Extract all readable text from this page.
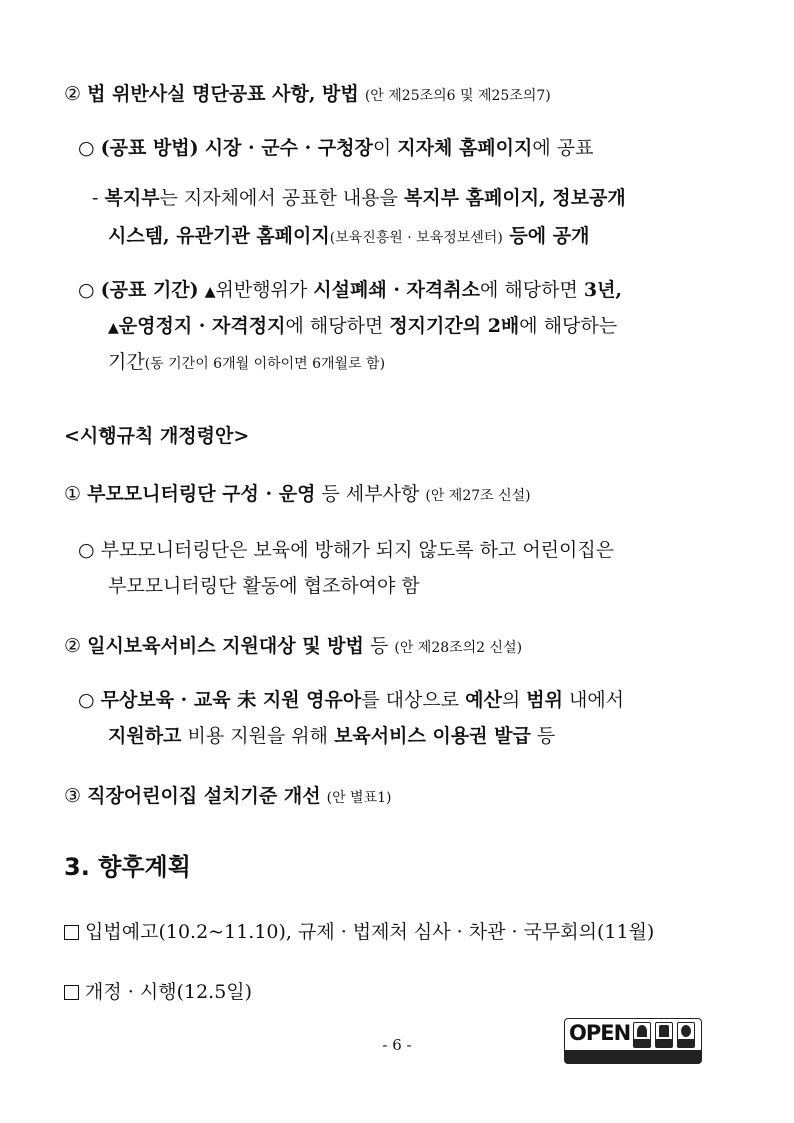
② 법 위반사실 명단공표 사항, 방법 (안 제25조의6 및 제25조의7)
○ (공표 방법) 시장 · 군수 · 구청장이 지자체 홈페이지에 공표
- 복지부는 지자체에서 공표한 내용을 복지부 홈페이지, 정보공개
시스템, 유관기관 홈페이지(보육진흥원 · 보육정보센터) 등에 공개
○ (공표 기간) ▲위반행위가 시설폐쇄 · 자격취소에 해당하면 3년,
▲운영정지 · 자격정지에 해당하면 정지기간의 2배에 해당하는
기간(동 기간이 6개월 이하이면 6개월로 함)
<시행규칙 개정령안>
① 부모모니터링단 구성 · 운영 등 세부사항 (안 제27조 신설)
○ 부모모니터링단은 보육에 방해가 되지 않도록 하고 어린이집은
부모모니터링단 활동에 협조하여야 함
② 일시보육서비스 지원대상 및 방법 등 (안 제28조의2 신설)
○ 무상보육 · 교육 未 지원 영유아를 대상으로 예산의 범위 내에서
지원하고 비용 지원을 위해 보육서비스 이용권 발급 등
③ 직장어린이집 설치기준 개선 (안 별표1)
3. 향후계획
입법예고(10.2~11.10), 규제 · 법제처 심사 · 차관 · 국무회의(11월)
개정 · 시행(12.5일)
- 6 -	OPEN
